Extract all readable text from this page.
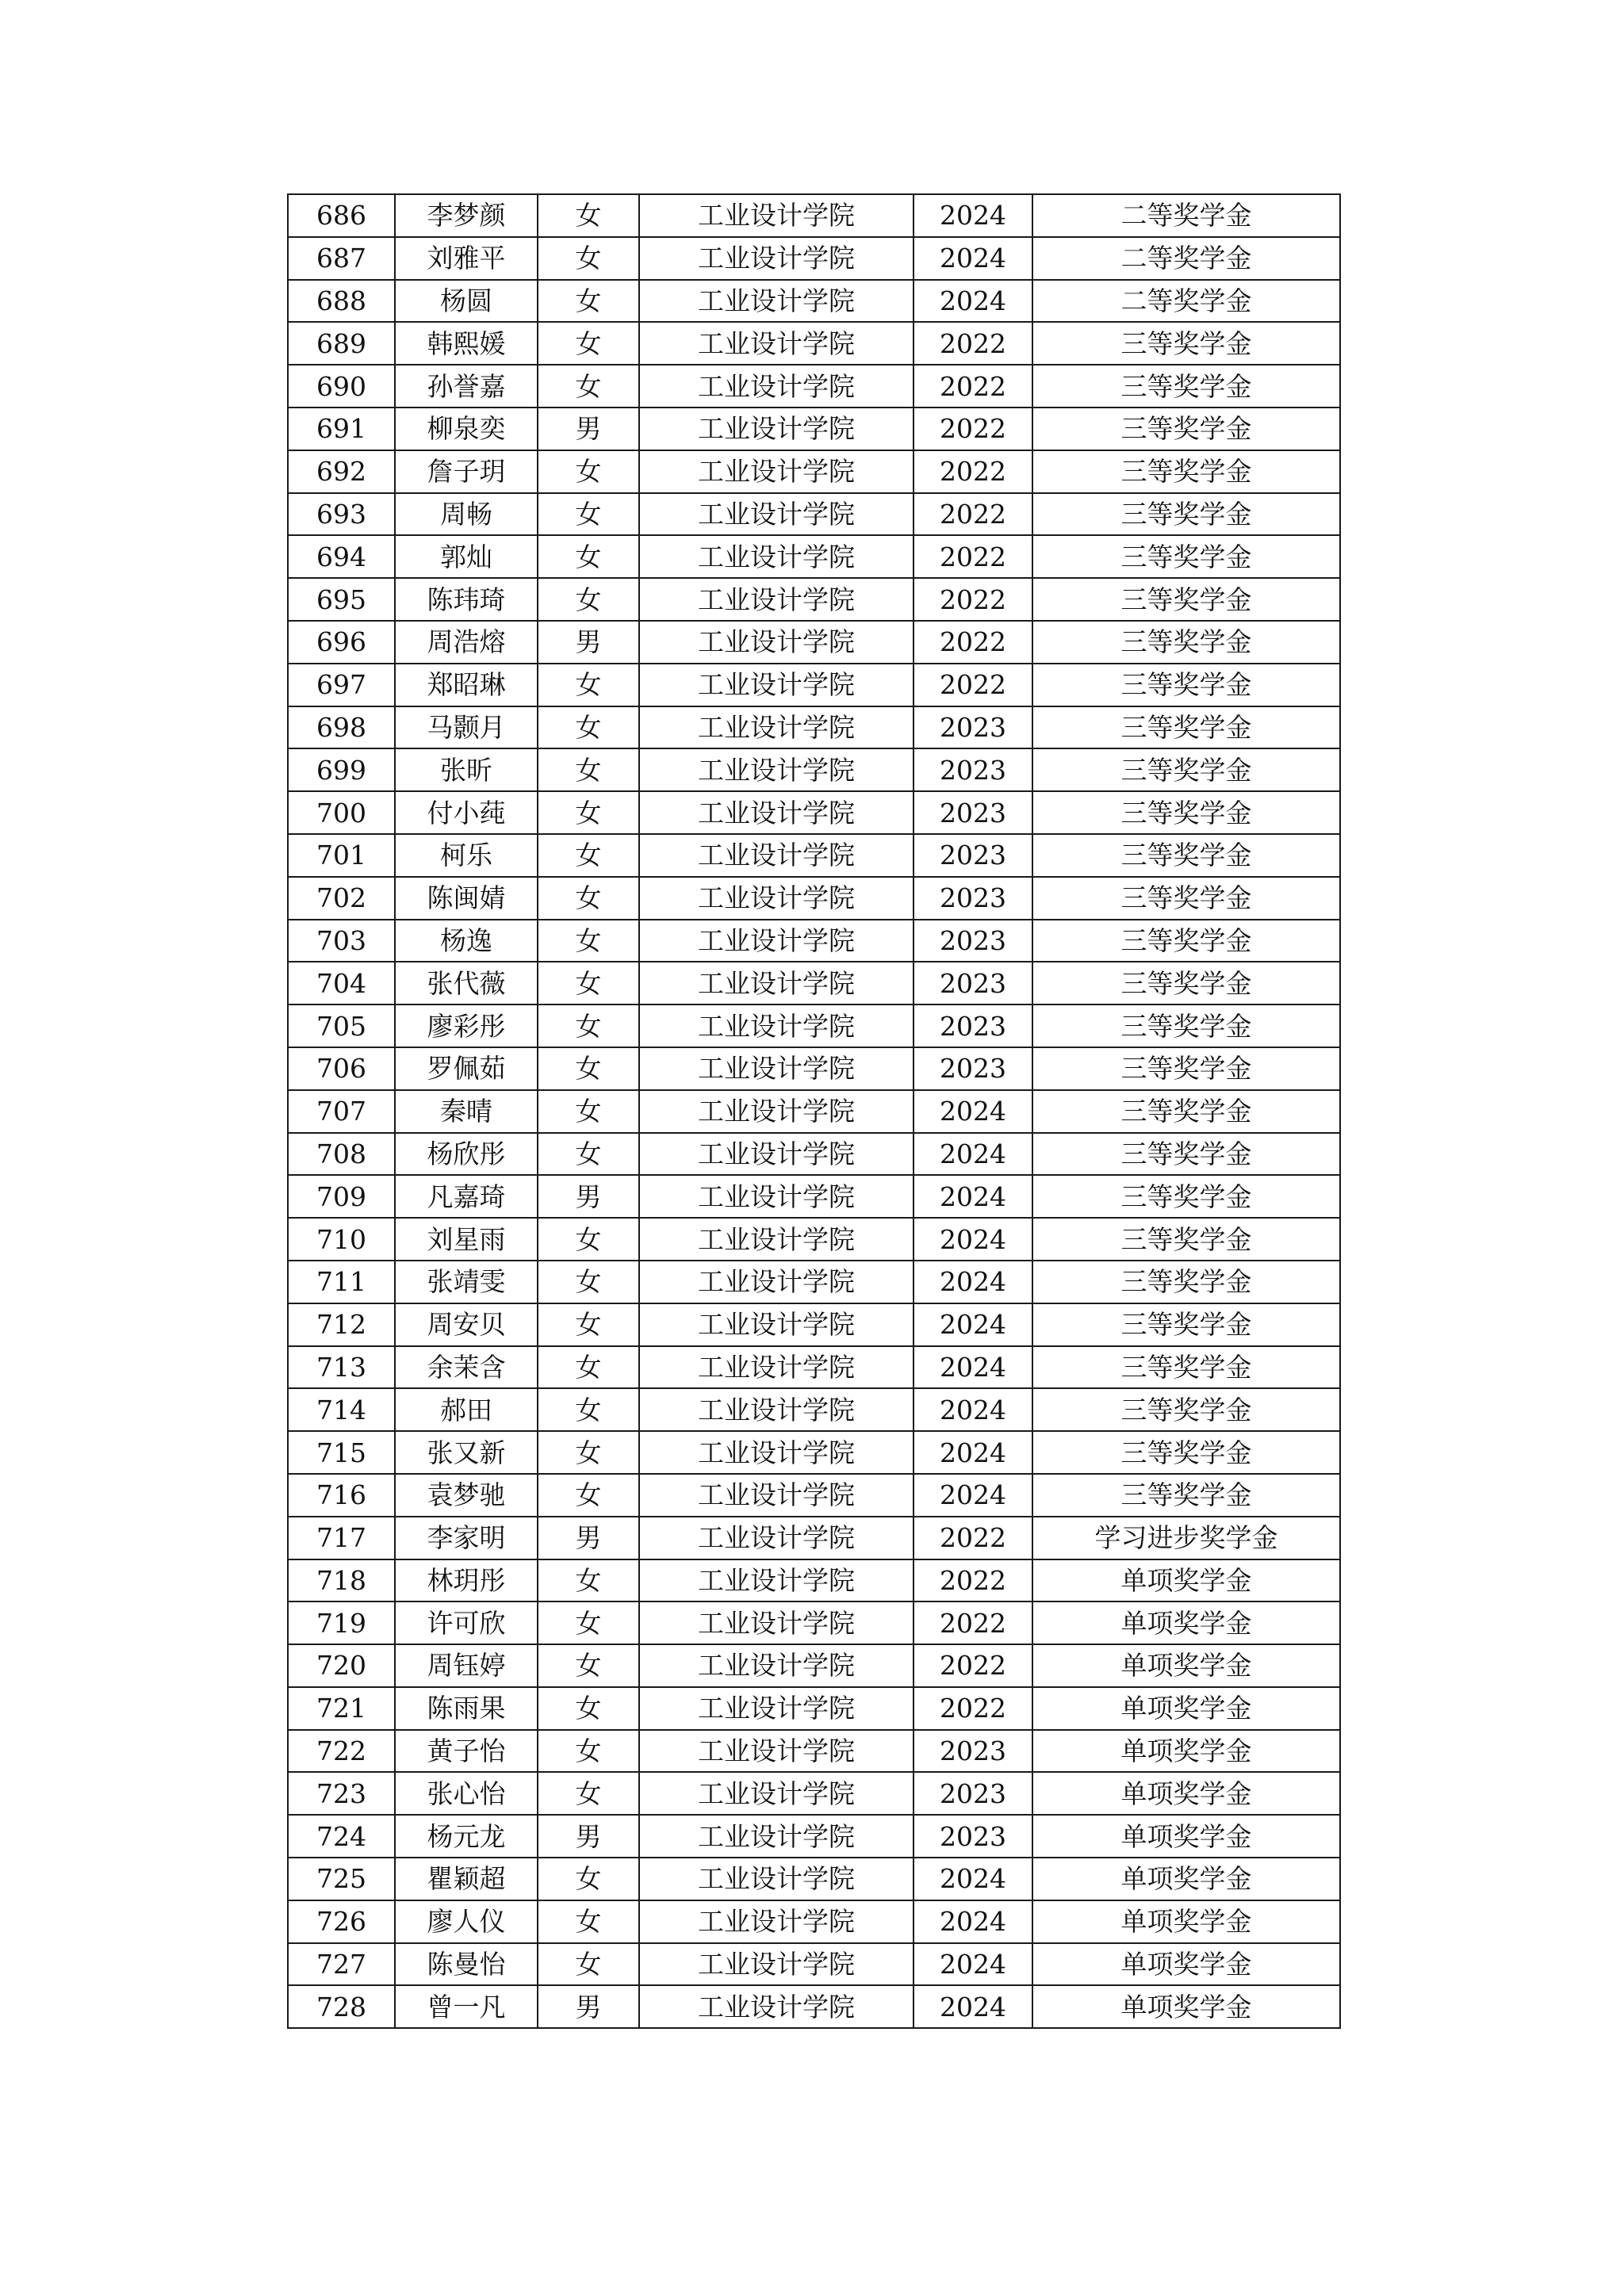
686	李梦颜	女	工业设计学院	2024	二等奖学金
687	刘雅平	女	工业设计学院	2024	二等奖学金
688	杨圆	女	工业设计学院	2024	二等奖学金
689	韩熙媛	女	工业设计学院	2022	三等奖学金
690	孙誉嘉	女	工业设计学院	2022	三等奖学金
691	柳泉奕	男	工业设计学院	2022	三等奖学金
692	詹子玥	女	工业设计学院	2022	三等奖学金
693	周畅	女	工业设计学院	2022	三等奖学金
694	郭灿	女	工业设计学院	2022	三等奖学金
695	陈玮琦	女	工业设计学院	2022	三等奖学金
696	周浩熔	男	工业设计学院	2022	三等奖学金
697	郑昭琳	女	工业设计学院	2022	三等奖学金
698	马颢月	女	工业设计学院	2023	三等奖学金
699	张昕	女	工业设计学院	2023	三等奖学金
700	付小莼	女	工业设计学院	2023	三等奖学金
701	柯乐	女	工业设计学院	2023	三等奖学金
702	陈闽婧	女	工业设计学院	2023	三等奖学金
703	杨逸	女	工业设计学院	2023	三等奖学金
704	张代薇	女	工业设计学院	2023	三等奖学金
705	廖彩彤	女	工业设计学院	2023	三等奖学金
706	罗佩茹	女	工业设计学院	2023	三等奖学金
707	秦晴	女	工业设计学院	2024	三等奖学金
708	杨欣彤	女	工业设计学院	2024	三等奖学金
709	凡嘉琦	男	工业设计学院	2024	三等奖学金
710	刘星雨	女	工业设计学院	2024	三等奖学金
711	张靖雯	女	工业设计学院	2024	三等奖学金
712	周安贝	女	工业设计学院	2024	三等奖学金
713	余茉含	女	工业设计学院	2024	三等奖学金
714	郝田	女	工业设计学院	2024	三等奖学金
715	张又新	女	工业设计学院	2024	三等奖学金
716	袁梦驰	女	工业设计学院	2024	三等奖学金
717	李家明	男	工业设计学院	2022	学习进步奖学金
718	林玥彤	女	工业设计学院	2022	单项奖学金
719	许可欣	女	工业设计学院	2022	单项奖学金
720	周钰婷	女	工业设计学院	2022	单项奖学金
721	陈雨果	女	工业设计学院	2022	单项奖学金
722	黄子怡	女	工业设计学院	2023	单项奖学金
723	张心怡	女	工业设计学院	2023	单项奖学金
724	杨元龙	男	工业设计学院	2023	单项奖学金
725	瞿颖超	女	工业设计学院	2024	单项奖学金
726	廖人仪	女	工业设计学院	2024	单项奖学金
727	陈曼怡	女	工业设计学院	2024	单项奖学金
728	曾一凡	男	工业设计学院	2024	单项奖学金
